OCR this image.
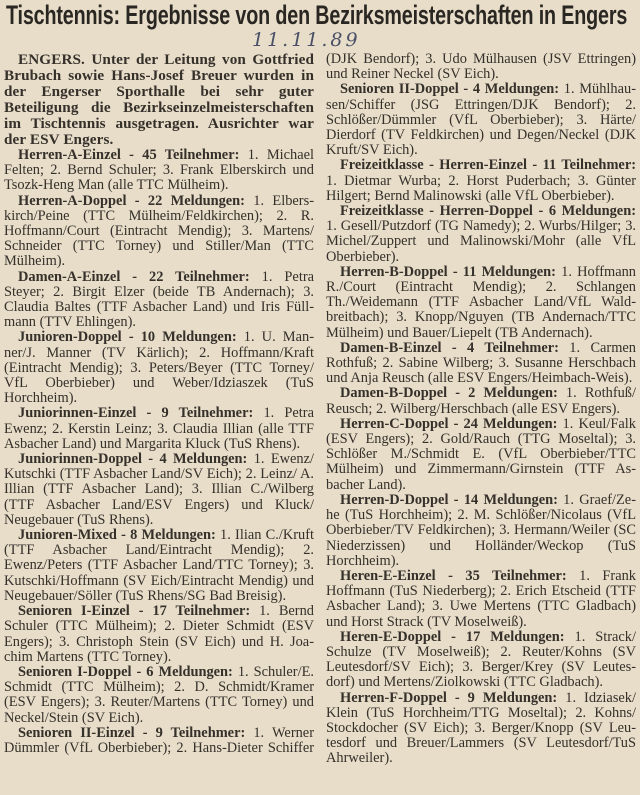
Tischtennis: Ergebnisse von den Bezirksmeisterschaften in Engers
11.11.89

ENGERS. Unter der Leitung von Gottfried Brubach sowie Hans-Josef Breuer wurden in der Engerser Sporthalle bei sehr guter Beteiligung die Bezirkseinzelmeisterschaften im Tischtennis ausgetragen. Ausrichter war der ESV Engers.

Herren-A-Einzel - 45 Teilnehmer: 1. Michael Felten; 2. Bernd Schuler; 3. Frank Elberskirch und Tsozk-Heng Man (alle TTC Mülheim).

Herren-A-Doppel - 22 Meldungen: 1. Elberskirch/Peine (TTC Mülheim/Feldkirchen); 2. R. Hoffmann/Court (Eintracht Mendig); 3. Martens/ Schneider (TTC Torney) und Stiller/Man (TTC Mülheim).

Damen-A-Einzel - 22 Teilnehmer: 1. Petra Steyer; 2. Birgit Elzer (beide TB Andernach); 3. Claudia Baltes (TTF Asbacher Land) und Iris Füllmann (TTV Ehlingen).

Junioren-Doppel - 10 Meldungen: 1. U. Manner/J. Manner (TV Kärlich); 2. Hoffmann/Kraft (Eintracht Mendig); 3. Peters/Beyer (TTC Torney/ VfL Oberbieber) und Weber/Idziaszek (TuS Horchheim).

Juniorinnen-Einzel - 9 Teilnehmer: 1. Petra Ewenz; 2. Kerstin Leinz; 3. Claudia Illian (alle TTF Asbacher Land) und Margarita Kluck (TuS Rhens).

Juniorinnen-Doppel - 4 Meldungen: 1. Ewenz/ Kutschki (TTF Asbacher Land/SV Eich); 2. Leinz/ A. Illian (TTF Asbacher Land); 3. Illian C./Wilberg (TTF Asbacher Land/ESV Engers) und Kluck/ Neugebauer (TuS Rhens).

Junioren-Mixed - 8 Meldungen: 1. Ilian C./Kruft (TTF Asbacher Land/Eintracht Mendig); 2. Ewenz/Peters (TTF Asbacher Land/TTC Torney); 3. Kutschki/Hoffmann (SV Eich/Eintracht Mendig) und Neugebauer/Söller (TuS Rhens/SG Bad Breisig).

Senioren I-Einzel - 17 Teilnehmer: 1. Bernd Schuler (TTC Mülheim); 2. Dieter Schmidt (ESV Engers); 3. Christoph Stein (SV Eich) und H. Joachim Martens (TTC Torney).

Senioren I-Doppel - 6 Meldungen: 1. Schuler/E. Schmidt (TTC Mülheim); 2. D. Schmidt/Kramer (ESV Engers); 3. Reuter/Martens (TTC Torney) und Neckel/Stein (SV Eich).

Senioren II-Einzel - 9 Teilnehmer: 1. Werner Dümmler (VfL Oberbieber); 2. Hans-Dieter Schiffer (DJK Bendorf); 3. Udo Mülhausen (JSV Ettringen) und Reiner Neckel (SV Eich).

Senioren II-Doppel - 4 Meldungen: 1. Mühlhausen/Schiffer (JSG Ettringen/DJK Bendorf); 2. Schlößer/Dümmler (VfL Oberbieber); 3. Härte/ Dierdorf (TV Feldkirchen) und Degen/Neckel (DJK Kruft/SV Eich).

Freizeitklasse - Herren-Einzel - 11 Teilnehmer: 1. Dietmar Wurba; 2. Horst Puderbach; 3. Günter Hilgert; Bernd Malinowski (alle VfL Oberbieber).

Freizeitklasse - Herren-Doppel - 6 Meldungen: 1. Gesell/Putzdorf (TG Namedy); 2. Wurbs/Hilger; 3. Michel/Zuppert und Malinowski/Mohr (alle VfL Oberbieber).

Herren-B-Doppel - 11 Meldungen: 1. Hoffmann R./Court (Eintracht Mendig); 2. Schlangen Th./Weidemann (TTF Asbacher Land/VfL Waldbreitbach); 3. Knopp/Nguyen (TB Andernach/TTC Mülheim) und Bauer/Liepelt (TB Andernach).

Damen-B-Einzel - 4 Teilnehmer: 1. Carmen Rothfuß; 2. Sabine Wilberg; 3. Susanne Herschbach und Anja Reusch (alle ESV Engers/Heimbach-Weis).

Damen-B-Doppel - 2 Meldungen: 1. Rothfuß/ Reusch; 2. Wilberg/Herschbach (alle ESV Engers).

Herren-C-Doppel - 24 Meldungen: 1. Keul/Falk (ESV Engers); 2. Gold/Rauch (TTG Moseltal); 3. Schlößer M./Schmidt E. (VfL Oberbieber/TTC Mülheim) und Zimmermann/Girnstein (TTF Asbacher Land).

Herren-D-Doppel - 14 Meldungen: 1. Graef/Zehe (TuS Horchheim); 2. M. Schlößer/Nicolaus (VfL Oberbieber/TV Feldkirchen); 3. Hermann/Weiler (SC Niederzissen) und Holländer/Weckop (TuS Horchheim).

Heren-E-Einzel - 35 Teilnehmer: 1. Frank Hoffmann (TuS Niederberg); 2. Erich Etscheid (TTF Asbacher Land); 3. Uwe Mertens (TTC Gladbach) und Horst Strack (TV Moselweiß).

Heren-E-Doppel - 17 Meldungen: 1. Strack/ Schulze (TV Moselweiß); 2. Reuter/Kohns (SV Leutesdorf/SV Eich); 3. Berger/Krey (SV Leutesdorf) und Mertens/Ziolkowski (TTC Gladbach).

Herren-F-Doppel - 9 Meldungen: 1. Idziasek/ Klein (TuS Horchheim/TTG Moseltal); 2. Kohns/ Stockdocher (SV Eich); 3. Berger/Knopp (SV Leutesdorf und Breuer/Lammers (SV Leutesdorf/TuS Ahrweiler).
